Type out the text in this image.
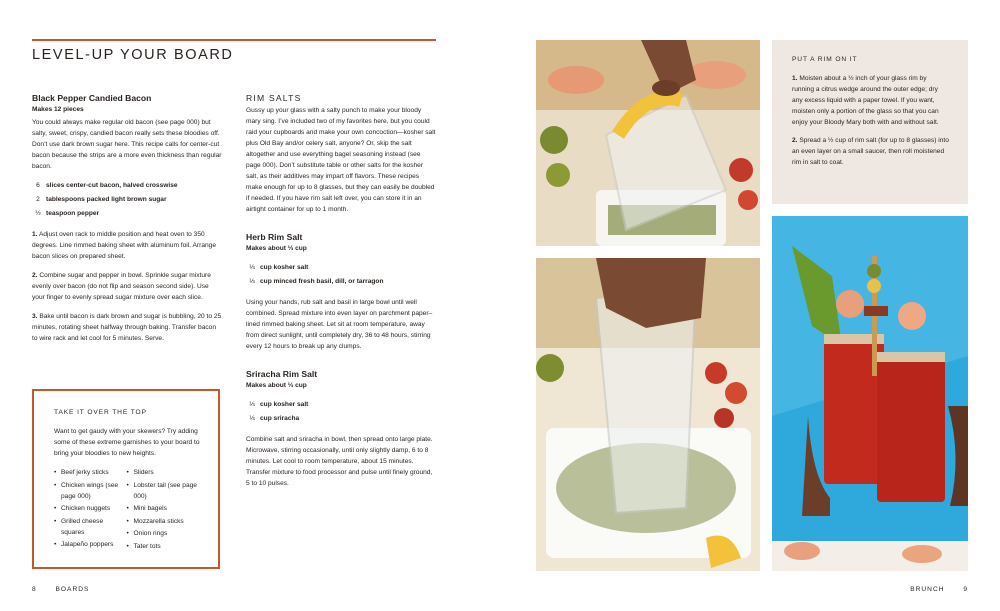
LEVEL-UP YOUR BOARD
Black Pepper Candied Bacon
Makes 12 pieces

You could always make regular old bacon (see page 000) but salty, sweet, crispy, candied bacon really sets these bloodies off. Don’t use dark brown sugar here. This recipe calls for center-cut bacon because the strips are a more even thickness than regular bacon.

6 slices center-cut bacon, halved crosswise
2 tablespoons packed light brown sugar
½ teaspoon pepper

1. Adjust oven rack to middle position and heat oven to 350 degrees. Line rimmed baking sheet with aluminum foil. Arrange bacon slices on prepared sheet.

2. Combine sugar and pepper in bowl. Sprinkle sugar mixture evenly over bacon (do not flip and season second side). Use your finger to evenly spread sugar mixture over each slice.

3. Bake until bacon is dark brown and sugar is bubbling, 20 to 25 minutes, rotating sheet halfway through baking. Transfer bacon to wire rack and let cool for 5 minutes. Serve.

RIM SALTS

Gussy up your glass with a salty punch to make your bloody mary sing. I’ve included two of my favorites here, but you could raid your cupboards and make your own concoction—kosher salt plus Old Bay and/or celery salt, anyone? Or, skip the salt altogether and use everything bagel seasoning instead (see page 000). Don’t substitute table or other salts for the kosher salt, as their additives may impart off flavors. These recipes make enough for up to 8 glasses, but they can easily be doubled if needed. If you have rim salt left over, you can store it in an airtight container for up to 1 month.

Herb Rim Salt
Makes about ⅓ cup
⅓ cup kosher salt
⅓ cup minced fresh basil, dill, or tarragon

Using your hands, rub salt and basil in large bowl until well combined. Spread mixture into even layer on parchment paper–lined rimmed baking sheet. Let sit at room temperature, away from direct sunlight, until completely dry, 36 to 48 hours, stirring every 12 hours to break up any clumps.

Sriracha Rim Salt
Makes about ⅓ cup
⅓ cup kosher salt
⅓ cup sriracha

Combine salt and sriracha in bowl, then spread onto large plate. Microwave, stirring occasionally, until only slightly damp, 6 to 8 minutes. Let cool to room temperature, about 15 minutes. Transfer mixture to food processor and pulse until finely ground, 5 to 10 pulses.

TAKE IT OVER THE TOP
Want to get gaudy with your skewers? Try adding some of these extreme garnishes to your board to bring your bloodies to new heights.
• Beef jerky sticks
• Chicken wings (see page 000)
• Chicken nuggets
• Grilled cheese squares
• Jalapeño poppers
• Sliders
• Lobster tail (see page 000)
• Mini bagels
• Mozzarella sticks
• Onion rings
• Tater tots
8	BOARDS
PUT A RIM ON IT

1. Moisten about a ½ inch of your glass rim by running a citrus wedge around the outer edge; dry any excess liquid with a paper towel. If you want, moisten only a portion of the glass so that you can enjoy your Bloody Mary both with and without salt.

2. Spread a ½ cup of rim salt (for up to 8 glasses) into an even layer on a small saucer, then roll moistened rim in salt to coat.

BRUNCH	9
